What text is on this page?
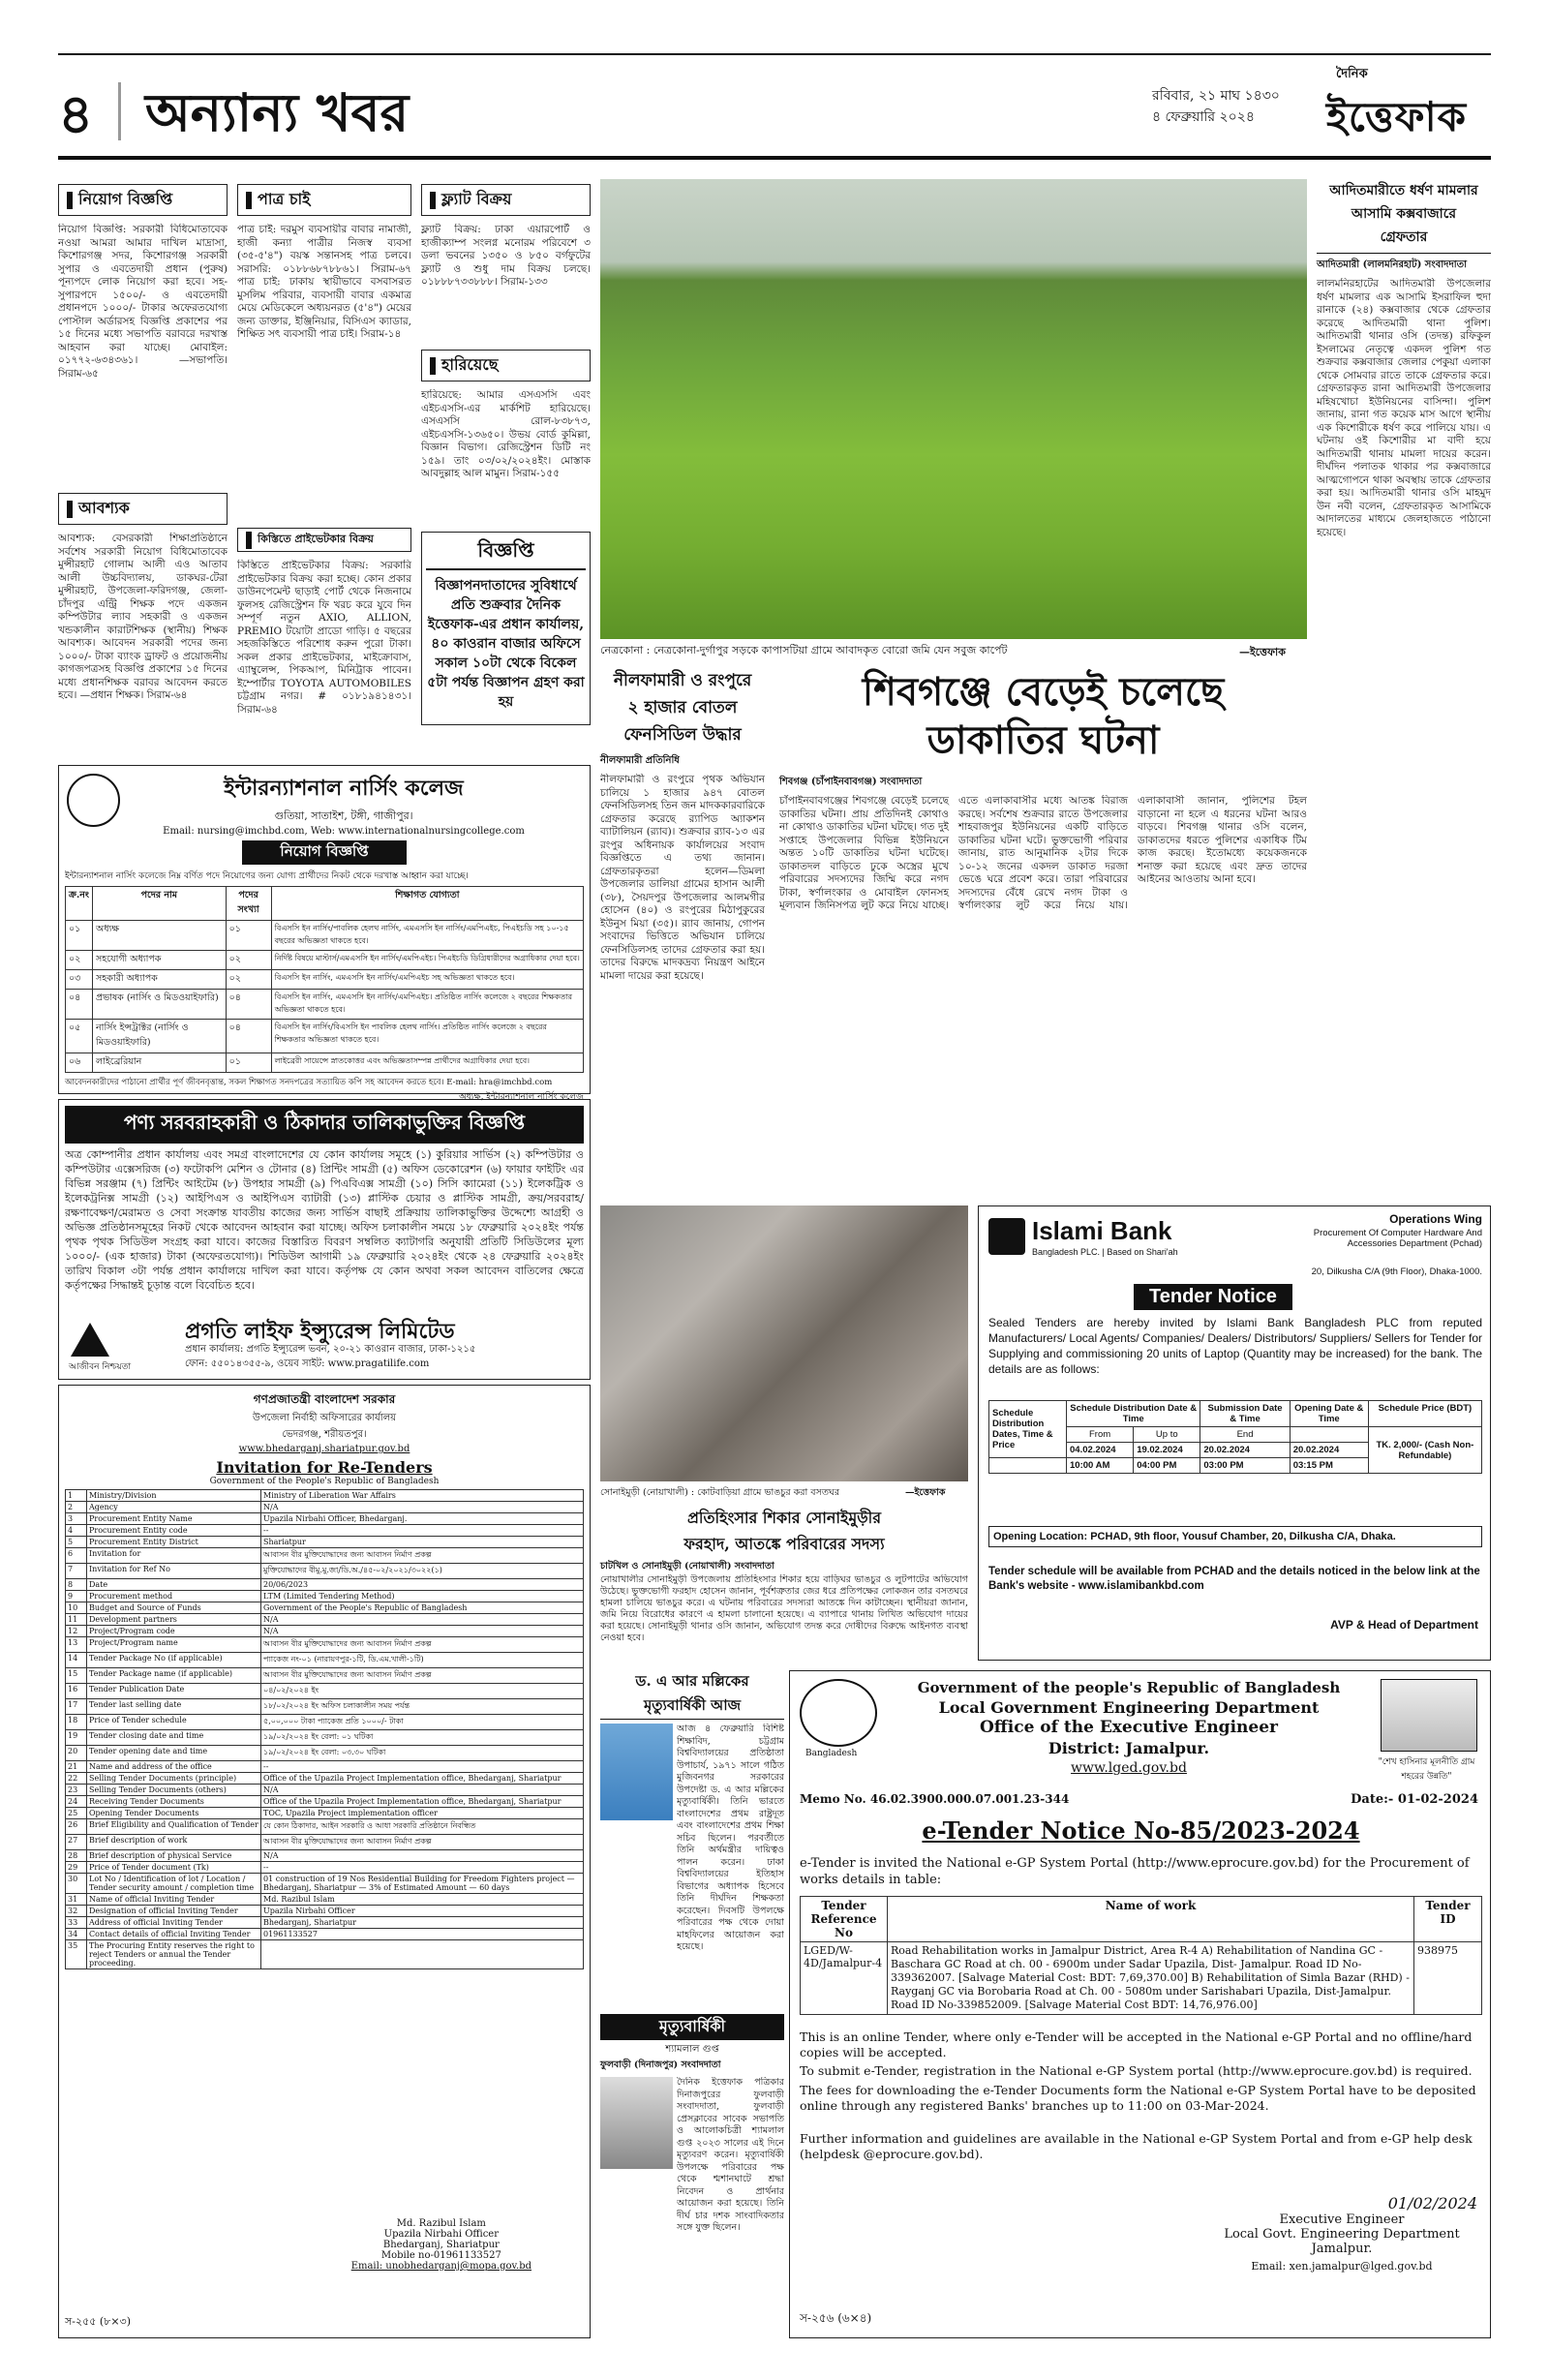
৪ অন্যান্য খবর	রবিবার, ২১ মাঘ ১৪৩০
৪ ফেব্রুয়ারি ২০২৪
দৈনিক
ইত্তেফাক
নিয়োগ বিজ্ঞপ্তি
নিয়োগ বিজ্ঞপ্তি: সরকারী বিধিমোতাবেক নওয়া আমরা আমার দাখিল মাদ্রাসা, কিশোরগঞ্জ সদর, কিশোরগঞ্জ সরকারী সুপার ও এবতেদায়ী প্রধান (পুরুষ) পূন্যপদে লোক নিয়োগ করা হবে। সহ-সুপারপদে ১৫০০/- ও এবতেদায়ী প্রধানপদে ১০০০/- টাকার অফেরতযোগ্য পোস্টাল অর্ডারসহ বিজ্ঞপ্তি প্রকাশের পর ১৫ দিনের মধ্যে সভাপতি বরাবরে দরখাস্ত আহবান করা যাচ্ছে। মোবাইল: ০১৭৭২-৬৩৪৩৬১। —সভাপতি। সিরাম-৬৫
আবশ্যক
আবশ্যক: বেসরকারী শিক্ষাপ্রতিষ্ঠানে সর্বশেষ সরকারী নিয়োগ বিধিমোতাবেক মুন্সীরহাট গোলাম আলী এও আতাব আলী উচ্চবিদ্যালয়, ডাকঘর-টেরা মুন্সীরহাট, উপজেলা-ফরিদগঞ্জ, জেলা-চাঁদপুর এন্ট্রি শিক্ষক পদে একজন কম্পিউটার ল্যাব সহকারী ও একজন খন্ডকালীন কারাটশিক্ষক (স্থানীয়) শিক্ষক আবশ্যক। আবেদন সরকারী পদের জন্য ১০০০/- টাকা ব্যাংক ড্রাফট ও প্রয়োজনীয় কাগজপত্রসহ বিজ্ঞপ্তি প্রকাশের ১৫ দিনের মধ্যে প্রধানশিক্ষক বরাবর আবেদন করতে হবে। —প্রধান শিক্ষক। সিরাম-৬৪
পাত্র চাই
পাত্র চাই: দরমুস ব্যবসায়ীর বাবার নামাজী, হাজী কন্যা পাত্রীর নিজস্ব ব্যবসা (৩৫-৫'৪") বয়স্ক সন্তানসহ পাত্র চলবে। সরাসরি: ০১৮৮৬৮৭৮৮৬১। সিরাম-৬৭ পাত্র চাই: ঢাকায় স্থায়ীভাবে বসবাসরত মুসলিম পরিবার, ব্যবসায়ী বাবার একমাত্র মেয়ে মেডিকেলে অধ্যয়নরত (৫'৪") মেয়ের জন্য ডাক্তার, ইঞ্জিনিয়ার, বিসিএস ক্যাডার, শিক্ষিত সৎ ব্যবসায়ী পাত্র চাই। সিরাম-১৪
কিস্তিতে প্রাইভেটকার বিক্রয়
কিস্তিতে প্রাইভেটকার বিক্রয়: সরকারি প্রাইভেটকার বিক্রয় করা হচ্ছে। কোন প্রকার ডাউনপেমেন্ট ছাড়াই পোর্ট থেকে নিজনামে ফুলসহ রেজিস্ট্রেশন ফি খরচ করে যুবে দিন সম্পূর্ণ নতুন AXIO, ALLION, PREMIO টয়োটা প্রাডো গাড়ি। ৫ বছরের সহজকিস্তিতে পরিশোধ করুন পুরো টাকা। সকল প্রকার প্রাইভেটকার, মাইক্রোবাস, এ্যাম্বুলেন্স, পিকআপ, মিনিট্রাক পাবেন। ইম্পোর্টার TOYOTA AUTOMOBILES চট্টগ্রাম নগর। # ০১৮১৯৪১৪৩১। সিরাম-৬৪
ফ্ল্যাট বিক্রয়
ফ্ল্যাট বিক্রয়: ঢাকা এয়ারপোর্ট ও হাজীক্যাম্প সংলগ্ন মনোরম পরিবেশে ৩ ডলা ভবনের ১৩৫০ ও ৮৫০ বর্গফুটের ফ্ল্যাট ও শুধু দাম বিক্রয় চলছে। ০১৮৮৮৭৩৩৮৮৮। সিরাম-১৩৩
হারিয়েছে
হারিয়েছে: আমার এসএসসি এবং এইচএসসি-এর মার্কশিট হারিয়েছে। এসএসসি রোল-৮৩৮৭৩, এইচএসসি-১৩৬৫০। উভয় বোর্ড কুমিল্লা, বিজ্ঞান বিভাগ। রেজিস্ট্রেশন ডিটি নং ১৫৯। তাং ০৩/০২/২০২৪ইং। মোস্তাক আবদুল্লাহ আল মামুন। সিরাম-১৫৫
বিজ্ঞপ্তি
বিজ্ঞাপনদাতাদের সুবিধার্থে প্রতি শুক্রবার দৈনিক ইত্তেফাক-এর প্রধান কার্যালয়, ৪০ কাওরান বাজার অফিসে সকাল ১০টা থেকে বিকেল ৫টা পর্যন্ত বিজ্ঞাপন গ্রহণ করা হয়
নেত্রকোনা : নেত্রকোনা-দুর্গাপুর সড়কে কাপাসটিয়া গ্রামে আবাদকৃত বোরো জমি যেন সবুজ কার্পেট	—ইত্তেফাক
আদিতমারীতে ধর্ষণ মামলার
আসামি কক্সবাজারে
গ্রেফতার
আদিতমারী (লালমনিরহাট) সংবাদদাতা
লালমনিরহাটের আদিতমারী উপজেলার ধর্ষণ মামলার এক আসামি ইসরাফিল হুদা রানাকে (২৪) কক্সবাজার থেকে গ্রেফতার করেছে আদিতমারী থানা পুলিশ। আদিতমারী থানার ওসি (তদন্ত) রফিকুল ইসলামের নেতৃত্বে একদল পুলিশ গত শুক্রবার কক্সবাজার জেলার পেকুয়া এলাকা থেকে সোমবার রাতে তাকে গ্রেফতার করে। গ্রেফতারকৃত রানা আদিতমারী উপজেলার মহিষখোচা ইউনিয়নের বাসিন্দা। পুলিশ জানায়, রানা গত কয়েক মাস আগে স্থানীয় এক কিশোরীকে ধর্ষণ করে পালিয়ে যায়। এ ঘটনায় ওই কিশোরীর মা বাদী হয়ে আদিতমারী থানায় মামলা দায়ের করেন। দীর্ঘদিন পলাতক থাকার পর কক্সবাজারে আত্মগোপনে থাকা অবস্থায় তাকে গ্রেফতার করা হয়। আদিতমারী থানার ওসি মাহমুদ উন নবী বলেন, গ্রেফতারকৃত আসামিকে আদালতের মাধ্যমে জেলহাজতে পাঠানো হয়েছে।
নীলফামারী ও রংপুরে
২ হাজার বোতল
ফেনসিডিল উদ্ধার
নীলফামারী প্রতিনিধি
নীলফামারী ও রংপুরে পৃথক অভিযান চালিয়ে ১ হাজার ৯৪৭ বোতল ফেনসিডিলসহ তিন জন মাদককারবারিকে গ্রেফতার করেছে র‌্যাপিড অ্যাকশন ব্যাটালিয়ন (র‌্যাব)। শুক্রবার র‌্যাব-১৩ এর রংপুর অধিনায়ক কার্যালয়ের সংবাদ বিজ্ঞপ্তিতে এ তথ্য জানান। গ্রেফতারকৃতরা হলেন—ডিমলা উপজেলার ডালিয়া গ্রামের হাসান আলী (৩৮), সৈয়দপুর উপজেলার আলমগীর হোসেন (৪০) ও রংপুরের মিঠাপুকুরের ইউনুস মিয়া (৩৫)। র‌্যাব জানায়, গোপন সংবাদের ভিত্তিতে অভিযান চালিয়ে ফেনসিডিলসহ তাদের গ্রেফতার করা হয়। তাদের বিরুদ্ধে মাদকদ্রব্য নিয়ন্ত্রণ আইনে মামলা দায়ের করা হয়েছে।
শিবগঞ্জে বেড়েই চলেছে
ডাকাতির ঘটনা
শিবগঞ্জ (চাঁপাইনবাবগঞ্জ) সংবাদদাতা
চাঁপাইনবাবগঞ্জের শিবগঞ্জে বেড়েই চলেছে ডাকাতির ঘটনা। প্রায় প্রতিদিনই কোথাও না কোথাও ডাকাতির ঘটনা ঘটছে। গত দুই সপ্তাহে উপজেলার বিভিন্ন ইউনিয়নে অন্তত ১০টি ডাকাতির ঘটনা ঘটেছে। ডাকাতদল বাড়িতে ঢুকে অস্ত্রের মুখে পরিবারের সদস্যদের জিম্মি করে নগদ টাকা, স্বর্ণালংকার ও মোবাইল ফোনসহ মূল্যবান জিনিসপত্র লুট করে নিয়ে যাচ্ছে। এতে এলাকাবাসীর মধ্যে আতঙ্ক বিরাজ করছে। সর্বশেষ শুক্রবার রাতে উপজেলার শাহবাজপুর ইউনিয়নের একটি বাড়িতে ডাকাতির ঘটনা ঘটে। ভুক্তভোগী পরিবার জানায়, রাত আনুমানিক ২টার দিকে ১০-১২ জনের একদল ডাকাত দরজা ভেঙে ঘরে প্রবেশ করে। তারা পরিবারের সদস্যদের বেঁধে রেখে নগদ টাকা ও স্বর্ণালংকার লুট করে নিয়ে যায়। এলাকাবাসী জানান, পুলিশের টহল বাড়ানো না হলে এ ধরনের ঘটনা আরও বাড়বে। শিবগঞ্জ থানার ওসি বলেন, ডাকাতদের ধরতে পুলিশের একাধিক টিম কাজ করছে। ইতোমধ্যে কয়েকজনকে শনাক্ত করা হয়েছে এবং দ্রুত তাদের আইনের আওতায় আনা হবে।
ইন্টারন্যাশনাল নার্সিং কলেজ
গুতিয়া, সাতাইশ, টঙ্গী, গাজীপুর।
Email: nursing@imchbd.com, Web: www.internationalnursingcollege.com
নিয়োগ বিজ্ঞপ্তি
ইন্টারন্যাশনাল নার্সিং কলেজে নিম্ন বর্ণিত পদে নিয়োগের জন্য যোগ্য প্রার্থীদের নিকট থেকে দরখাস্ত আহ্বান করা যাচ্ছে।
ক্র.নং	পদের নাম	পদের সংখ্যা	শিক্ষাগত যোগ্যতা
০১	অধ্যক্ষ	০১	বিএসসি ইন নার্সিং/পাবলিক হেলথ নার্সিং, এমএসসি ইন নার্সিং/এমপিএইচ, পিএইচডি সহ ১০-১৫ বছরের অভিজ্ঞতা থাকতে হবে।
০২	সহযোগী অধ্যাপক	০২	নির্দিষ্ট বিষয়ে মাস্টার্স/এমএসসি ইন নার্সিং/এমপিএইচ। পিএইচডি ডিগ্রিধারীদের অগ্রাধিকার দেয়া হবে।
০৩	সহকারী অধ্যাপক	০২	বিএসসি ইন নার্সিং, এমএসসি ইন নার্সিং/এমপিএইচ সহ অভিজ্ঞতা থাকতে হবে।
০৪	প্রভাষক (নার্সিং ও মিডওয়াইফারি)	০৪	বিএসসি ইন নার্সিং, এমএসসি ইন নার্সিং/এমপিএইচ। প্রতিষ্ঠিত নার্সিং কলেজে ২ বছরের শিক্ষকতার অভিজ্ঞতা থাকতে হবে।
০৫	নার্সিং ইন্সট্রাক্টর (নার্সিং ও মিডওয়াইফারি)	০৪	বিএসসি ইন নার্সিং/বিএসসি ইন পাবলিক হেলথ নার্সিং। প্রতিষ্ঠিত নার্সিং কলেজে ২ বছরের শিক্ষকতার অভিজ্ঞতা থাকতে হবে।
০৬	লাইব্রেরিয়ান	০১	লাইব্রেরী সায়েন্সে স্নাতকোত্তর এবং অভিজ্ঞতাসম্পন্ন প্রার্থীদের অগ্রাধিকার দেয়া হবে।
আবেদনকারীদের পাঠানো প্রার্থীর পূর্ণ জীবনবৃত্তান্ত, সকল শিক্ষাগত সনদপত্রের সত্যায়িত কপি সহ আবেদন করতে হবে। E-mail: hra@imchbd.com
অধ্যক্ষ, ইন্টারন্যাশনাল নার্সিং কলেজ
পণ্য সরবরাহকারী ও ঠিকাদার তালিকাভুক্তির বিজ্ঞপ্তি
অত্র কোম্পানীর প্রধান কার্যালয় এবং সমগ্র বাংলাদেশের যে কোন কার্যালয় সমূহে (১) কুরিয়ার সার্ভিস (২) কম্পিউটার ও কম্পিউটার এক্সেসরিজ (৩) ফটোকপি মেশিন ও টোনার (৪) প্রিন্টিং সামগ্রী (৫) অফিস ডেকোরেশন (৬) ফায়ার ফাইটিং এর বিভিন্ন সরঞ্জাম (৭) প্রিন্টিং আইটেম (৮) উপহার সামগ্রী (৯) পিএবিএক্স সামগ্রী (১০) সিসি ক্যামেরা (১১) ইলেকট্রিক ও ইলেকট্রনিক্স সামগ্রী (১২) আইপিএস ও আইপিএস ব্যাটারী (১৩) প্লাস্টিক চেয়ার ও প্লাস্টিক সামগ্রী, ক্রয়/সরবরাহ/রক্ষণাবেক্ষণ/মেরামত ও সেবা সংক্রান্ত যাবতীয় কাজের জন্য সার্ভিস বাছাই প্রক্রিয়ায় তালিকাভুক্তির উদ্দেশ্যে আগ্রহী ও অভিজ্ঞ প্রতিষ্ঠানসমূহের নিকট থেকে আবেদন আহবান করা যাচ্ছে। অফিস চলাকালীন সময়ে ১৮ ফেব্রুয়ারি ২০২৪ইং পর্যন্ত পৃথক পৃথক সিডিউল সংগ্রহ করা যাবে। কাজের বিস্তারিত বিবরণ সম্বলিত ক্যাটাগরি অনুযায়ী প্রতিটি সিডিউলের মূল্য ১০০০/- (এক হাজার) টাকা (অফেরতযোগ্য)। শিডিউল আগামী ১৯ ফেব্রুয়ারি ২০২৪ইং থেকে ২৪ ফেব্রুয়ারি ২০২৪ইং তারিখ বিকাল ৩টা পর্যন্ত প্রধান কার্যালয়ে দাখিল করা যাবে। কর্তৃপক্ষ যে কোন অথবা সকল আবেদন বাতিলের ক্ষেত্রে কর্তৃপক্ষের সিদ্ধান্তই চূড়ান্ত বলে বিবেচিত হবে।
আজীবন নিশ্চয়তা
প্রগতি লাইফ ইন্স্যুরেন্স লিমিটেড
প্রধান কার্যালয়: প্রগতি ইন্স্যুরেন্স ভবন, ২০-২১ কাওরান বাজার, ঢাকা-১২১৫
ফোন: ৫৫০১৪৩৫৫-৯, ওয়েব সাইট: www.pragatilife.com
গণপ্রজাতন্ত্রী বাংলাদেশ সরকার
উপজেলা নির্বাহী অফিসারের কার্যালয়
ভেদরগঞ্জ, শরীয়তপুর।
www.bhedarganj.shariatpur.gov.bd
Invitation for Re-Tenders
Government of the People's Republic of Bangladesh
1	Ministry/Division	Ministry of Liberation War Affairs
2	Agency	N/A
3	Procurement Entity Name	Upazila Nirbahi Officer, Bhedarganj.
4	Procurement Entity code	--
5	Procurement Entity District	Shariatpur
6	Invitation for	আবাসন বীর মুক্তিযোদ্ধাদের জন্য আবাসন নির্মাণ প্রকল্প
7	Invitation for Ref No	মুক্তিযোদ্ধাদের বীমু.মু.জা/ডি.অ./৪৫-০২/২০২১/৩০২২(১)
8	Date	20/06/2023
9	Procurement method	LTM (Limited Tendering Method)
10	Budget and Source of Funds	Government of the People's Republic of Bangladesh
11	Development partners	N/A
12	Project/Program code	N/A
13	Project/Program name	আবাসন বীর মুক্তিযোদ্ধাদের জন্য আবাসন নির্মাণ প্রকল্প
14	Tender Package No (if applicable)	প্যাকেজ নং-০১ (নারায়ণপুর-১টি, ডি.এম.খালী-১টি)
15	Tender Package name (if applicable)	আবাসন বীর মুক্তিযোদ্ধাদের জন্য আবাসন নির্মাণ প্রকল্প
16	Tender Publication Date	০৪/০২/২০২৪ ইং
17	Tender last selling date	১৮/০২/২০২৪ ইং অফিস চলাকালীন সময় পর্যন্ত
18	Price of Tender schedule	৫,০০,০০০ টাকা প্যাকেজ প্রতি ১০০০/- টাকা
19	Tender closing date and time	১৯/০২/২০২৪ ইং বেলা: ০১ ঘটিকা
20	Tender opening date and time	১৯/০২/২০২৪ ইং বেলা: ০৩.৩০ ঘটিকা
21	Name and address of the office	--
22	Selling Tender Documents (principle)	Office of the Upazila Project Implementation office, Bhedarganj, Shariatpur
23	Selling Tender Documents (others)	N/A
24	Receiving Tender Documents	Office of the Upazila Project Implementation office, Bhedarganj, Shariatpur
25	Opening Tender Documents	TOC, Upazila Project implementation officer
26	Brief Eligibility and Qualification of Tender	যে কোন ঠিকাদার, আইন সরকারি ও আধা সরকারি প্রতিষ্ঠানে নিবন্ধিত
27	Brief description of work	আবাসন বীর মুক্তিযোদ্ধাদের জন্য আবাসন নির্মাণ প্রকল্প
28	Brief description of physical Service	N/A
29	Price of Tender document (Tk)	--
30	Lot No / Identification of lot / Location / Tender security amount / completion time	01 construction of 19 Nos Residential Building for Freedom Fighters project — Bhedarganj, Shariatpur — 3% of Estimated Amount — 60 days
31	Name of official Inviting Tender	Md. Razibul Islam
32	Designation of official Inviting Tender	Upazila Nirbahi Officer
33	Address of official Inviting Tender	Bhedarganj, Shariatpur
34	Contact details of official Inviting Tender	01961133527
35	The Procuring Entity reserves the right to reject Tenders or annual the Tender proceeding.	
Md. Razibul Islam
Upazila Nirbahi Officer
Bhedarganj, Shariatpur
Mobile no-01961133527
Email: unobhedarganj@mopa.gov.bd
স-২৫৫ (৮×৩)
সোনাইমুড়ী (নোয়াখালী) : কোটবাড়িয়া গ্রামে ভাঙচুর করা বসতঘর	—ইত্তেফাক
প্রতিহিংসার শিকার সোনাইমুড়ীর
ফরহাদ, আতঙ্কে পরিবারের সদস্য
চাটখিল ও সোনাইমুড়ী (নোয়াখালী) সংবাদদাতা
নোয়াখালীর সোনাইমুড়ী উপজেলায় প্রতিহিংসার শিকার হয়ে বাড়িঘর ভাঙচুর ও লুটপাটের অভিযোগ উঠেছে। ভুক্তভোগী ফরহাদ হোসেন জানান, পূর্বশত্রুতার জের ধরে প্রতিপক্ষের লোকজন তার বসতঘরে হামলা চালিয়ে ভাঙচুর করে। এ ঘটনায় পরিবারের সদস্যরা আতঙ্কে দিন কাটাচ্ছেন। স্থানীয়রা জানান, জমি নিয়ে বিরোধের কারণে এ হামলা চালানো হয়েছে। এ ব্যাপারে থানায় লিখিত অভিযোগ দায়ের করা হয়েছে। সোনাইমুড়ী থানার ওসি জানান, অভিযোগ তদন্ত করে দোষীদের বিরুদ্ধে আইনগত ব্যবস্থা নেওয়া হবে।
Islami Bank
Bangladesh PLC. | Based on Shari'ah
Operations Wing
Procurement Of Computer Hardware And Accessories Department (Pchad)
20, Dilkusha C/A (9th Floor), Dhaka-1000.
Tender Notice
Sealed Tenders are hereby invited by Islami Bank Bangladesh PLC from reputed Manufacturers/ Local Agents/ Companies/ Dealers/ Distributors/ Suppliers/ Sellers for Tender for Supplying and commissioning 20 units of Laptop (Quantity may be increased) for the bank. The details are as follows:
Schedule Distribution Dates, Time & Price	Schedule Distribution Date & Time		Submission Date & Time	Opening Date & Time	Schedule Price (BDT)
	From	Up to	End		TK. 2,000/- (Cash Non-Refundable)
	04.02.2024	19.02.2024	20.02.2024	20.02.2024	
	10:00 AM	04:00 PM	03:00 PM	03:15 PM	
Opening Location: PCHAD, 9th floor, Yousuf Chamber, 20, Dilkusha C/A, Dhaka.
Tender schedule will be available from PCHAD and the details noticed in the below link at the Bank's website - www.islamibankbd.com
AVP & Head of Department
ড. এ আর মল্লিকের
মৃত্যুবার্ষিকী আজ
আজ ৪ ফেব্রুয়ারি বিশিষ্ট শিক্ষাবিদ, চট্টগ্রাম বিশ্ববিদ্যালয়ের প্রতিষ্ঠাতা উপাচার্য, ১৯৭১ সালে গঠিত মুজিবনগর সরকারের উপদেষ্টা ড. এ আর মল্লিকের মৃত্যুবার্ষিকী। তিনি ভারতে বাংলাদেশের প্রথম রাষ্ট্রদূত এবং বাংলাদেশের প্রথম শিক্ষা সচিব ছিলেন। পরবর্তীতে তিনি অর্থমন্ত্রীর দায়িত্বও পালন করেন। ঢাকা বিশ্ববিদ্যালয়ের ইতিহাস বিভাগের অধ্যাপক হিসেবে তিনি দীর্ঘদিন শিক্ষকতা করেছেন। দিবসটি উপলক্ষে পরিবারের পক্ষ থেকে দোয়া মাহফিলের আয়োজন করা হয়েছে।
মৃত্যুবার্ষিকী
শ্যামলাল গুপ্ত
ফুলবাড়ী (দিনাজপুর) সংবাদদাতা
দৈনিক ইত্তেফাক পত্রিকার দিনাজপুরের ফুলবাড়ী সংবাদদাতা, ফুলবাড়ী প্রেসক্লাবের সাবেক সভাপতি ও আলোকচিত্রী শ্যামলাল গুপ্ত ২০২৩ সালের এই দিনে মৃত্যুবরণ করেন। মৃত্যুবার্ষিকী উপলক্ষে পরিবারের পক্ষ থেকে শ্মশানঘাটে শ্রদ্ধা নিবেদন ও প্রার্থনার আয়োজন করা হয়েছে। তিনি দীর্ঘ চার দশক সাংবাদিকতার সঙ্গে যুক্ত ছিলেন।
Bangladesh
"শেখ হাসিনার মূলনীতি গ্রাম শহরের উন্নতি"
Government of the people's Republic of Bangladesh
Local Government Engineering Department
Office of the Executive Engineer
District: Jamalpur.
www.lged.gov.bd
Memo No. 46.02.3900.000.07.001.23-344	Date:- 01-02-2024
e-Tender Notice No-85/2023-2024
e-Tender is invited the National e-GP System Portal (http://www.eprocure.gov.bd) for the Procurement of works details in table:
Tender Reference No	Name of work	Tender ID
LGED/W-4D/Jamalpur-4	Road Rehabilitation works in Jamalpur District, Area R-4 A) Rehabilitation of Nandina GC - Baschara GC Road at ch. 00 - 6900m under Sadar Upazila, Dist- Jamalpur. Road ID No-339362007. [Salvage Material Cost: BDT: 7,69,370.00] B) Rehabilitation of Simla Bazar (RHD) - Rayganj GC via Borobaria Road at Ch. 00 - 5080m under Sarishabari Upazila, Dist-Jamalpur. Road ID No-339852009. [Salvage Material Cost BDT: 14,76,976.00]	938975
This is an online Tender, where only e-Tender will be accepted in the National e-GP Portal and no offline/hard copies will be accepted.
To submit e-Tender, registration in the National e-GP System portal (http://www.eprocure.gov.bd) is required.
The fees for downloading the e-Tender Documents form the National e-GP System Portal have to be deposited online through any registered Banks' branches up to 11:00 on 03-Mar-2024.
Further information and guidelines are available in the National e-GP System Portal and from e-GP help desk (helpdesk @eprocure.gov.bd).
01/02/2024
Executive Engineer
Local Govt. Engineering Department
Jamalpur.
Email: xen.jamalpur@lged.gov.bd
স-২৫৬ (৬×৪)
